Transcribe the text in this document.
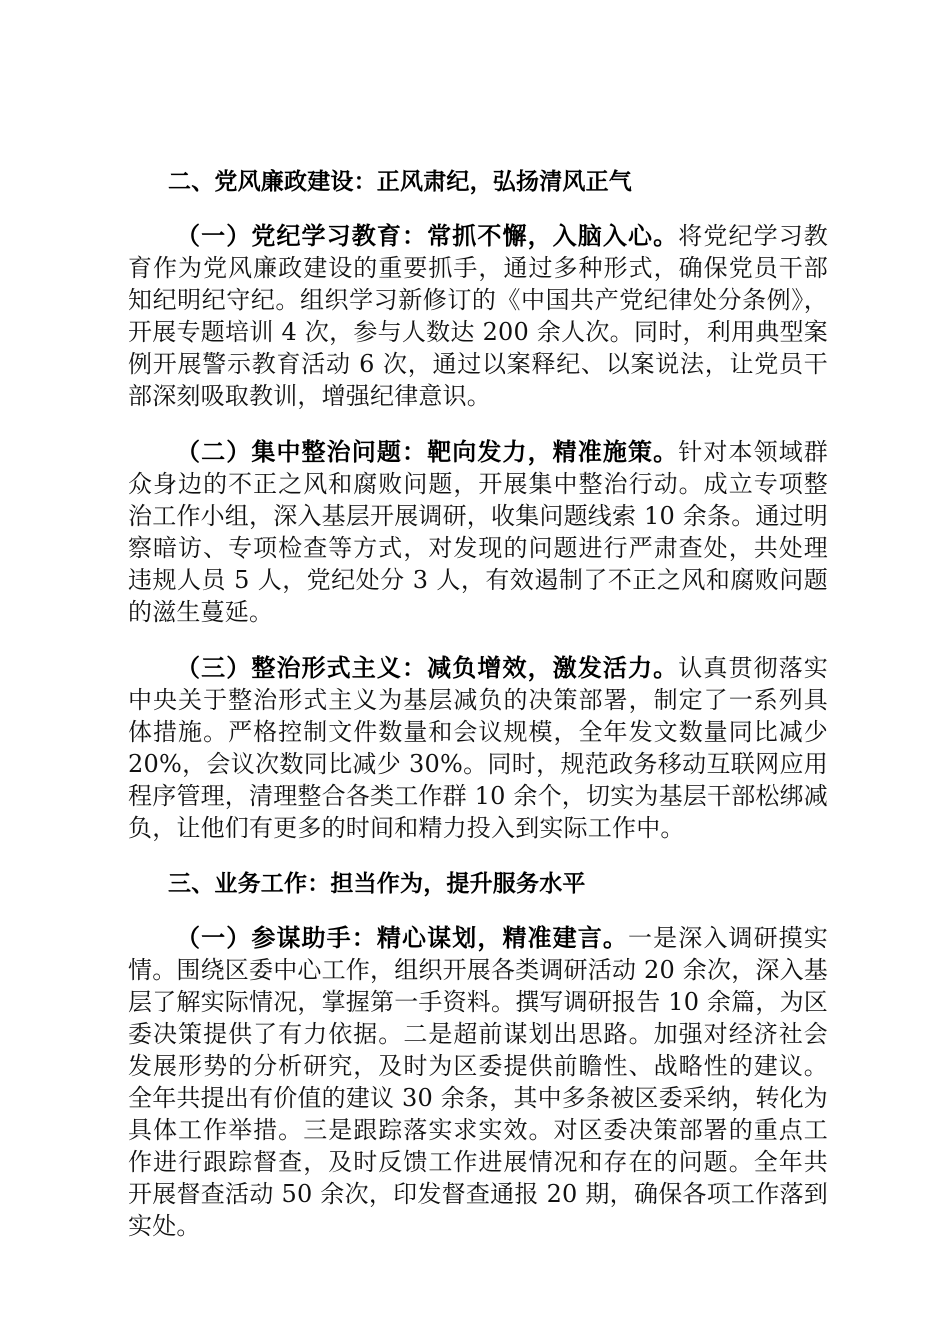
二、党风廉政建设：正风肃纪，弘扬清风正气

（一）党纪学习教育：常抓不懈，入脑入心。将党纪学习教育作为党风廉政建设的重要抓手，通过多种形式，确保党员干部知纪明纪守纪。组织学习新修订的《中国共产党纪律处分条例》，开展专题培训 4 次，参与人数达 200 余人次。同时，利用典型案例开展警示教育活动 6 次，通过以案释纪、以案说法，让党员干部深刻吸取教训，增强纪律意识。

（二）集中整治问题：靶向发力，精准施策。针对本领域群众身边的不正之风和腐败问题，开展集中整治行动。成立专项整治工作小组，深入基层开展调研，收集问题线索 10 余条。通过明察暗访、专项检查等方式，对发现的问题进行严肃查处，共处理违规人员 5 人，党纪处分 3 人，有效遏制了不正之风和腐败问题的滋生蔓延。

（三）整治形式主义：减负增效，激发活力。认真贯彻落实中央关于整治形式主义为基层减负的决策部署，制定了一系列具体措施。严格控制文件数量和会议规模，全年发文数量同比减少 20%，会议次数同比减少 30%。同时，规范政务移动互联网应用程序管理，清理整合各类工作群 10 余个，切实为基层干部松绑减负，让他们有更多的时间和精力投入到实际工作中。

三、业务工作：担当作为，提升服务水平

（一）参谋助手：精心谋划，精准建言。一是深入调研摸实情。围绕区委中心工作，组织开展各类调研活动 20 余次，深入基层了解实际情况，掌握第一手资料。撰写调研报告 10 余篇，为区委决策提供了有力依据。二是超前谋划出思路。加强对经济社会发展形势的分析研究，及时为区委提供前瞻性、战略性的建议。全年共提出有价值的建议 30 余条，其中多条被区委采纳，转化为具体工作举措。三是跟踪落实求实效。对区委决策部署的重点工作进行跟踪督查，及时反馈工作进展情况和存在的问题。全年共开展督查活动 50 余次，印发督查通报 20 期，确保各项工作落到实处。
